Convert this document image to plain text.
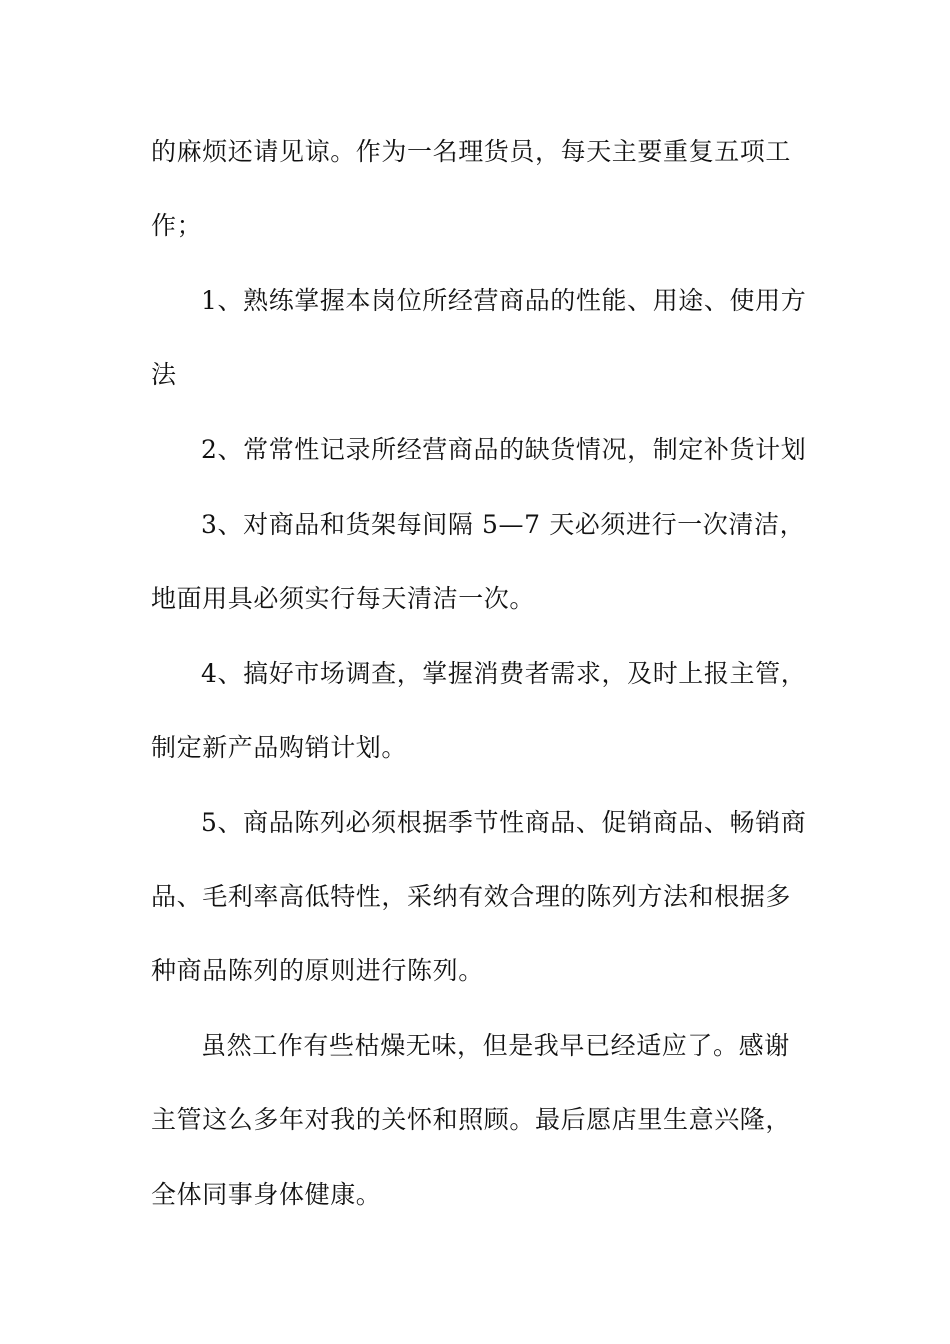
的麻烦还请见谅。作为一名理货员，每天主要重复五项工
作；
1、熟练掌握本岗位所经营商品的性能、用途、使用方
法
2、常常性记录所经营商品的缺货情况，制定补货计划
3、对商品和货架每间隔 5—7 天必须进行一次清洁，
地面用具必须实行每天清洁一次。
4、搞好市场调查，掌握消费者需求，及时上报主管，
制定新产品购销计划。
5、商品陈列必须根据季节性商品、促销商品、畅销商
品、毛利率高低特性，采纳有效合理的陈列方法和根据多
种商品陈列的原则进行陈列。
虽然工作有些枯燥无味，但是我早已经适应了。感谢
主管这么多年对我的关怀和照顾。最后愿店里生意兴隆，
全体同事身体健康。
